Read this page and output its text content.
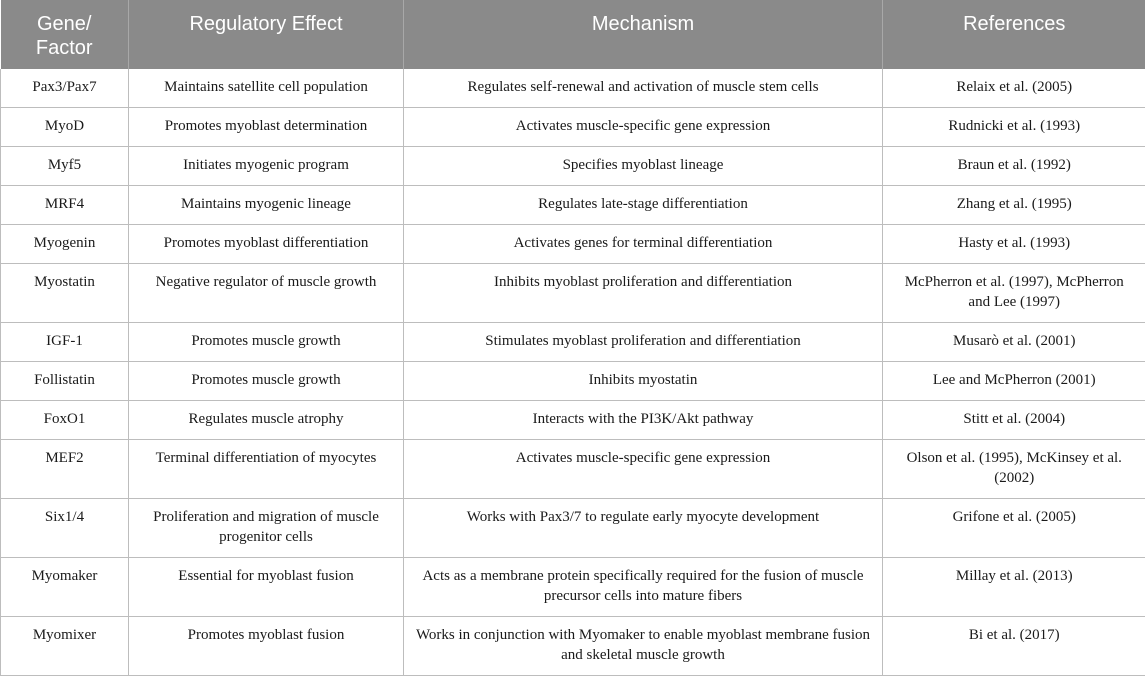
Gene/ Factor	Regulatory Effect	Mechanism	References
Pax3/Pax7	Maintains satellite cell population	Regulates self-renewal and activation of muscle stem cells	Relaix et al. (2005)
MyoD	Promotes myoblast determination	Activates muscle-specific gene expression	Rudnicki et al. (1993)
Myf5	Initiates myogenic program	Specifies myoblast lineage	Braun et al. (1992)
MRF4	Maintains myogenic lineage	Regulates late-stage differentiation	Zhang et al. (1995)
Myogenin	Promotes myoblast differentiation	Activates genes for terminal differentiation	Hasty et al. (1993)
Myostatin	Negative regulator of muscle growth	Inhibits myoblast proliferation and differentiation	McPherron et al. (1997), McPherron and Lee (1997)
IGF-1	Promotes muscle growth	Stimulates myoblast proliferation and differentiation	Musarò et al. (2001)
Follistatin	Promotes muscle growth	Inhibits myostatin	Lee and McPherron (2001)
FoxO1	Regulates muscle atrophy	Interacts with the PI3K/Akt pathway	Stitt et al. (2004)
MEF2	Terminal differentiation of myocytes	Activates muscle-specific gene expression	Olson et al. (1995), McKinsey et al. (2002)
Six1/4	Proliferation and migration of muscle progenitor cells	Works with Pax3/7 to regulate early myocyte development	Grifone et al. (2005)
Myomaker	Essential for myoblast fusion	Acts as a membrane protein specifically required for the fusion of muscle precursor cells into mature fibers	Millay et al. (2013)
Myomixer	Promotes myoblast fusion	Works in conjunction with Myomaker to enable myoblast membrane fusion and skeletal muscle growth	Bi et al. (2017)
